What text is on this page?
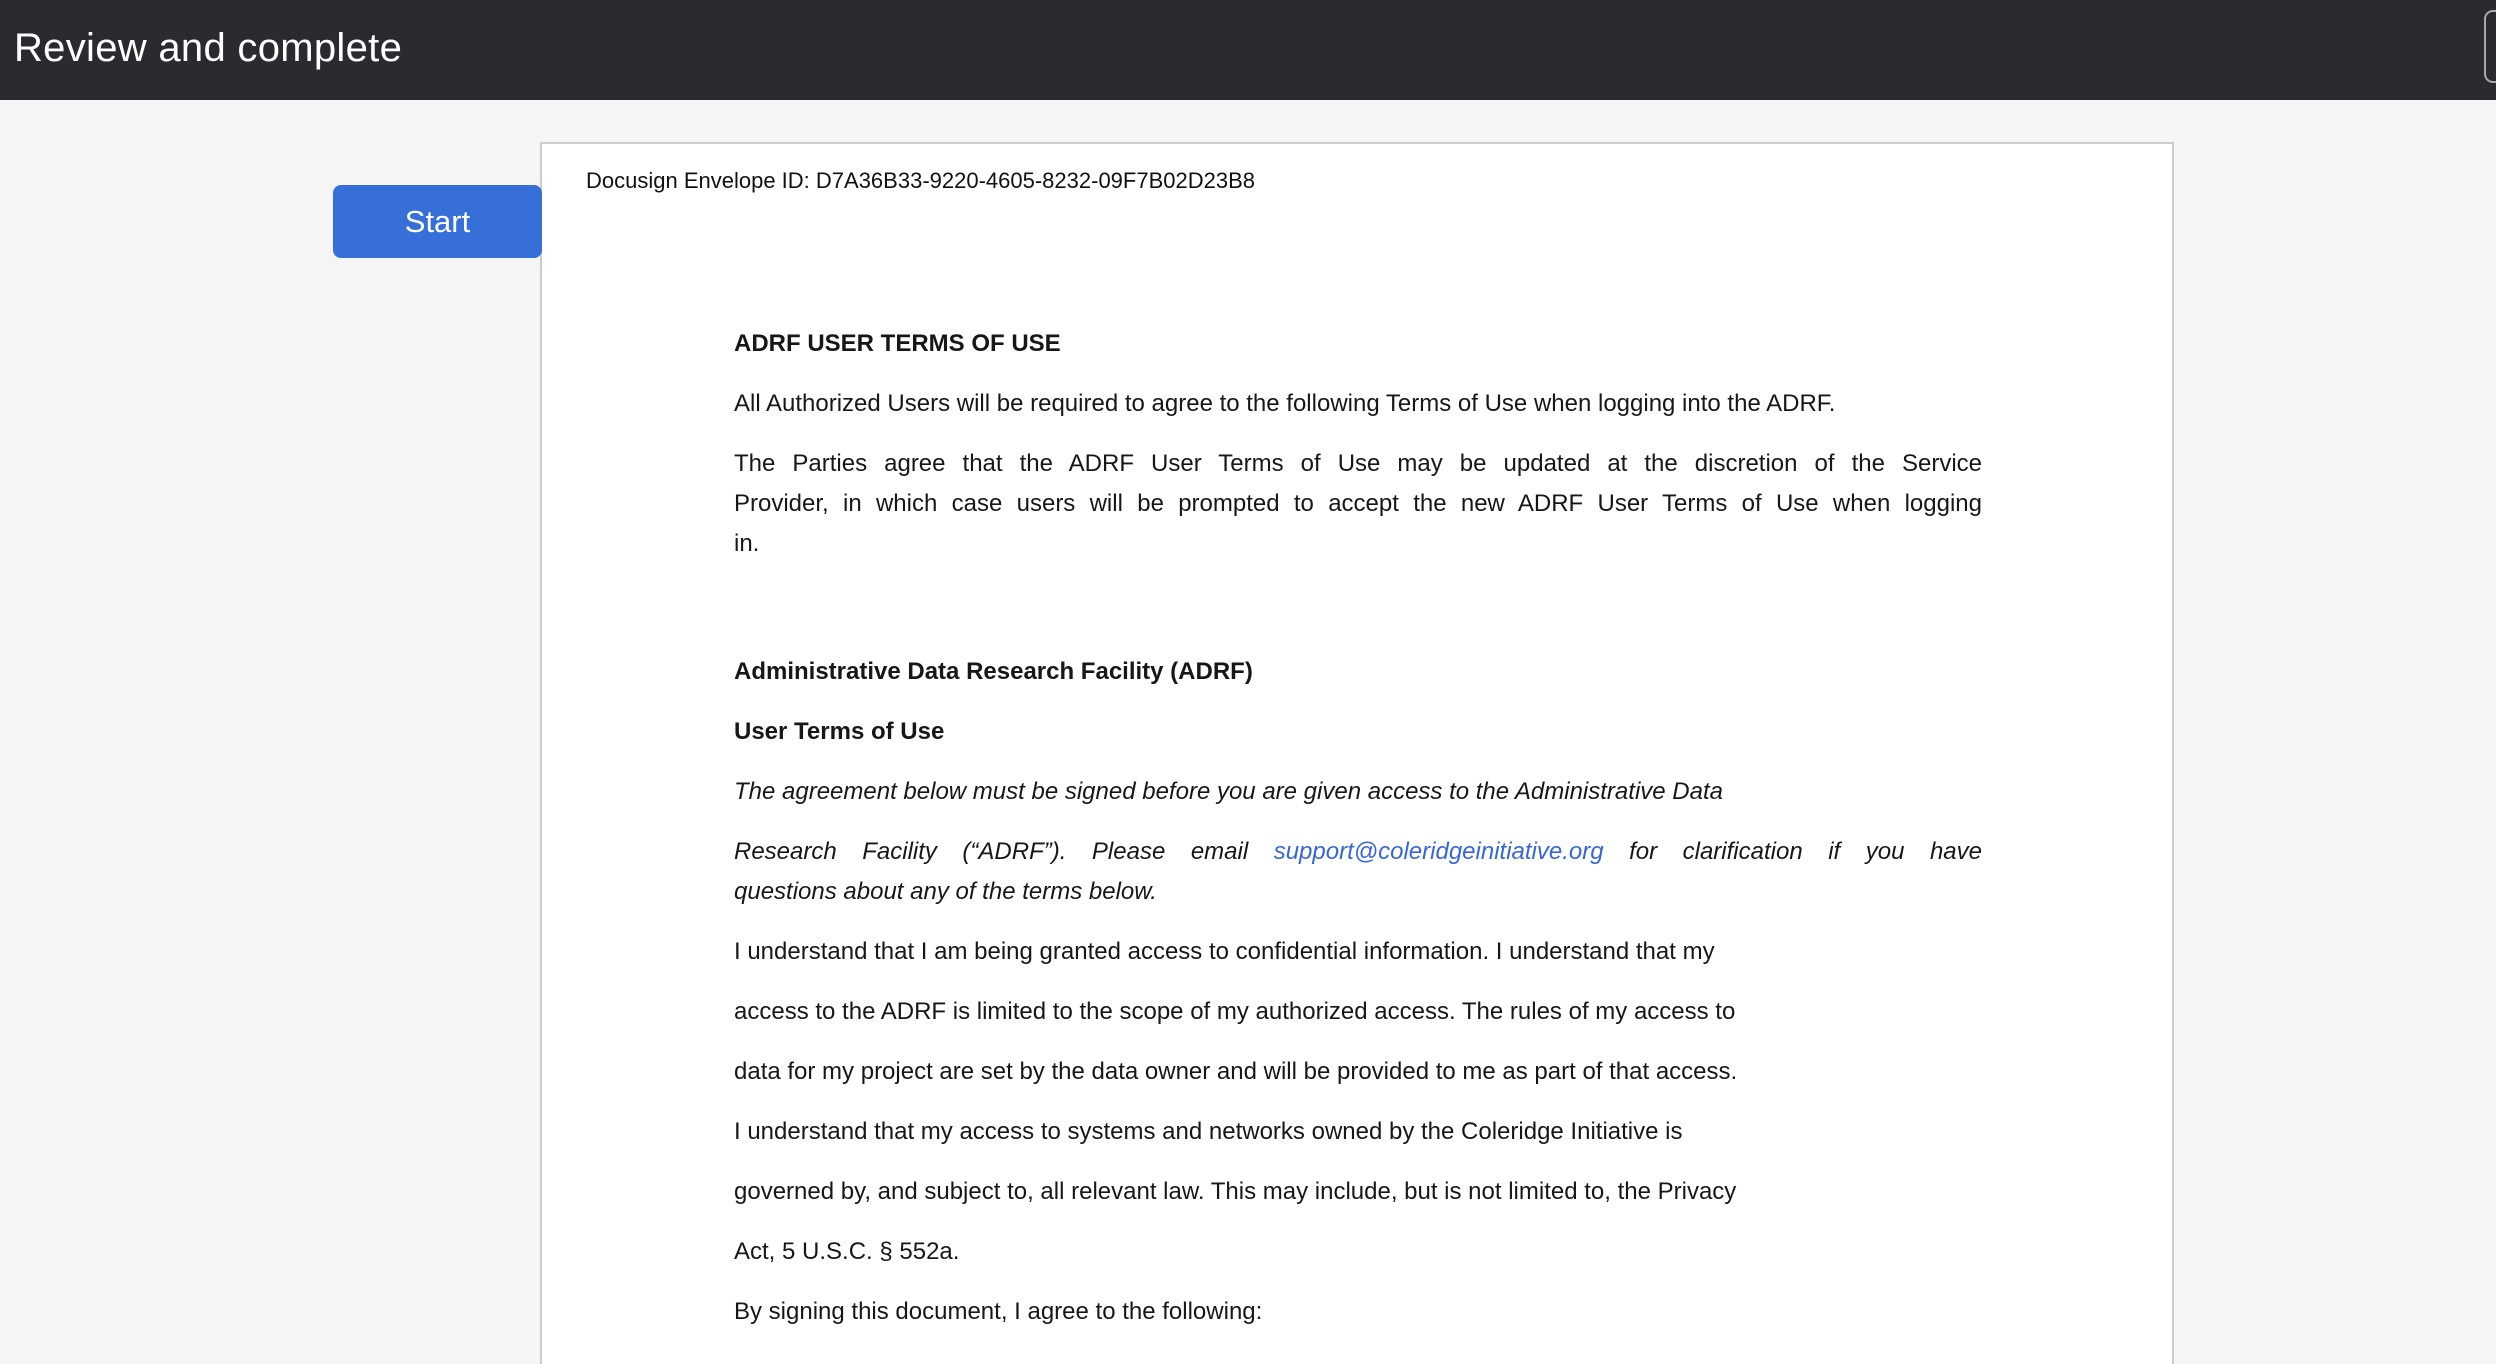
Review and complete
Start
Docusign Envelope ID: D7A36B33-9220-4605-8232-09F7B02D23B8
ADRF USER TERMS OF USE
All Authorized Users will be required to agree to the following Terms of Use when logging into the ADRF.
The Parties agree that the ADRF User Terms of Use may be updated at the discretion of the Service
Provider, in which case users will be prompted to accept the new ADRF User Terms of Use when logging
in.
Administrative Data Research Facility (ADRF)
User Terms of Use
The agreement below must be signed before you are given access to the Administrative Data
Research Facility (“ADRF”). Please email support@coleridgeinitiative.org for clarification if you have
questions about any of the terms below.
I understand that I am being granted access to confidential information. I understand that my
access to the ADRF is limited to the scope of my authorized access. The rules of my access to
data for my project are set by the data owner and will be provided to me as part of that access.
I understand that my access to systems and networks owned by the Coleridge Initiative is
governed by, and subject to, all relevant law. This may include, but is not limited to, the Privacy
Act, 5 U.S.C. § 552a.
By signing this document, I agree to the following:
